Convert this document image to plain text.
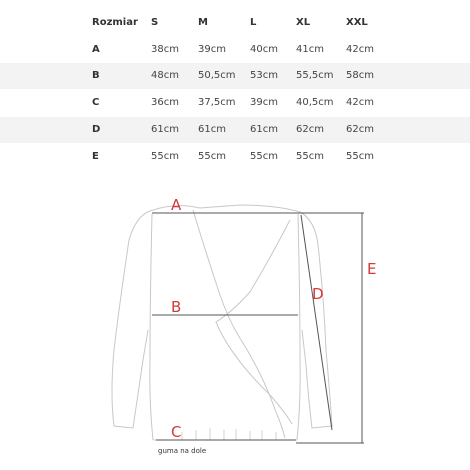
Rozmiar S	M	L	XL	XXL
A	38cm 39cm 40cm 41cm 42cm
B	48cm 50,5cm 53cm 55,5cm 58cm
C	36cm 37,5cm 39cm 40,5cm 42cm
D	61cm 61cm 61cm 62cm 62cm
E	55cm 55cm 55cm 55cm 55cm
A
B
C
D
E
guma na dole
